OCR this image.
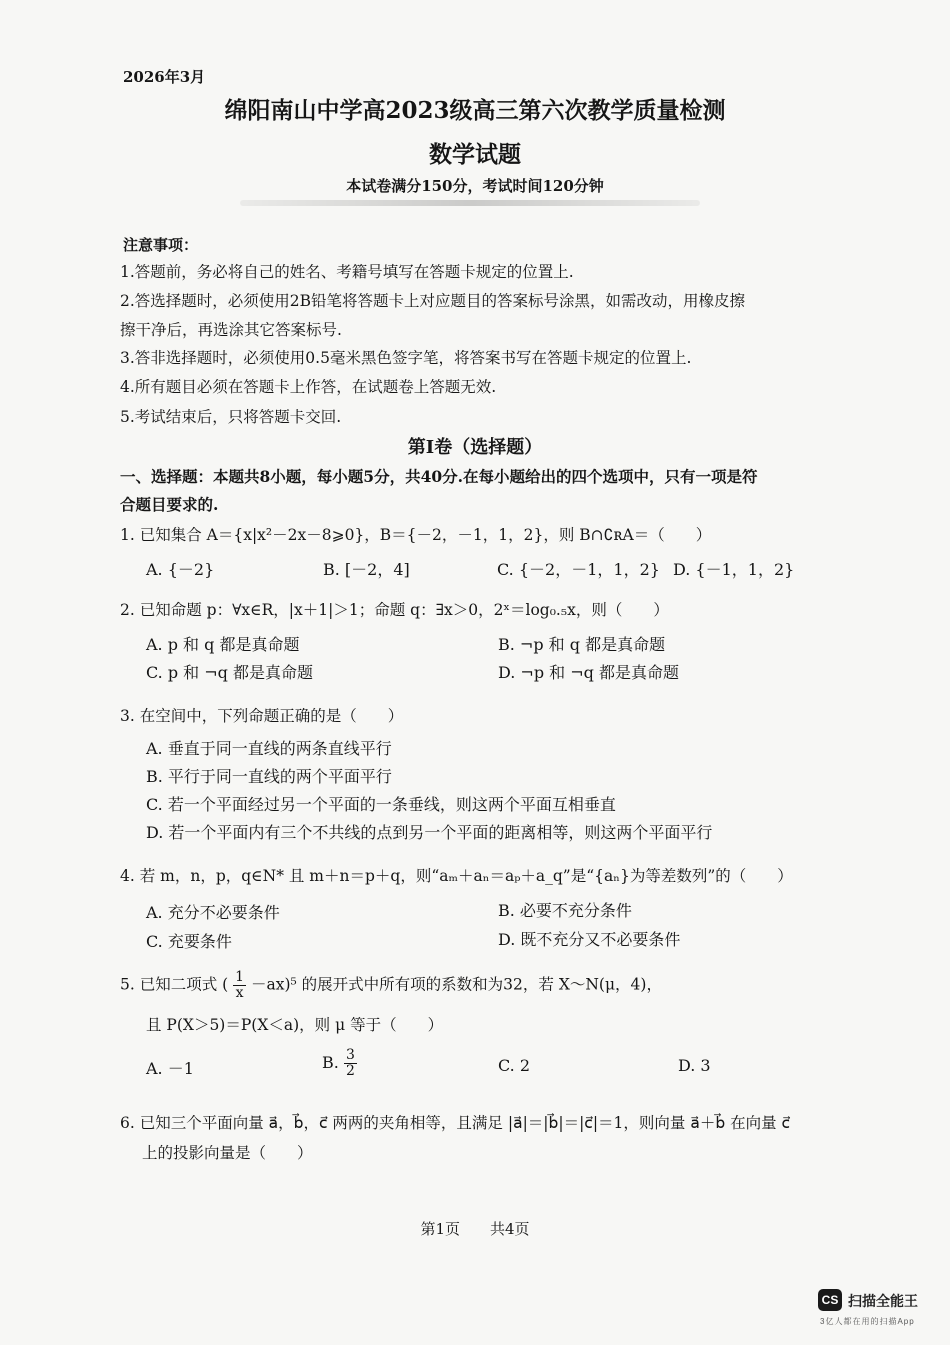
2026年3月
绵阳南山中学高2023级高三第六次教学质量检测
数学试题
本试卷满分150分，考试时间120分钟
注意事项：
1.答题前，务必将自己的姓名、考籍号填写在答题卡规定的位置上.
2.答选择题时，必须使用2B铅笔将答题卡上对应题目的答案标号涂黑，如需改动，用橡皮擦
擦干净后，再选涂其它答案标号.
3.答非选择题时，必须使用0.5毫米黑色签字笔，将答案书写在答题卡规定的位置上.
4.所有题目必须在答题卡上作答，在试题卷上答题无效.
5.考试结束后，只将答题卡交回.
第Ⅰ卷（选择题）
一、选择题：本题共8小题，每小题5分，共40分.在每小题给出的四个选项中，只有一项是符
合题目要求的.
1. 已知集合 A＝{x|x²－2x－8⩾0}，B＝{－2，－1，1，2}，则 B∩∁ʀA＝（　　）
A. {－2}	B. [－2，4]	C. {－2，－1，1，2} D. {－1，1，2}
2. 已知命题 p：∀x∈R，|x＋1|＞1；命题 q：∃x＞0，2ˣ＝log₀.₅x，则（　　）
A. p 和 q 都是真命题	B. ¬p 和 q 都是真命题
C. p 和 ¬q 都是真命题	D. ¬p 和 ¬q 都是真命题
3. 在空间中，下列命题正确的是（　　）
A. 垂直于同一直线的两条直线平行
B. 平行于同一直线的两个平面平行
C. 若一个平面经过另一个平面的一条垂线，则这两个平面互相垂直
D. 若一个平面内有三个不共线的点到另一个平面的距离相等，则这两个平面平行
4. 若 m，n，p，q∈N* 且 m＋n＝p＋q，则“aₘ＋aₙ＝aₚ＋a_q”是“{aₙ}为等差数列”的（　　）
A. 充分不必要条件	B. 必要不充分条件
C. 充要条件	D. 既不充分又不必要条件
5. 已知二项式 ( $\frac{1}{x} -ax)^5$ 的展开式中所有项的系数和为32，若 X～N(μ，4)，
且 P(X＞5)＝P(X＜a)，则 μ 等于（　　）
A. －1	B. $\frac{3}{2}$	C. 2	D. 3
6. 已知三个平面向量 a⃗，b⃗，c⃗ 两两的夹角相等，且满足 |a⃗|＝|b⃗|＝|c⃗|＝1，则向量 a⃗＋b⃗ 在向量 c⃗
上的投影向量是（　　）
第1页　　共4页
CS 扫描全能王
3亿人都在用的扫描App
